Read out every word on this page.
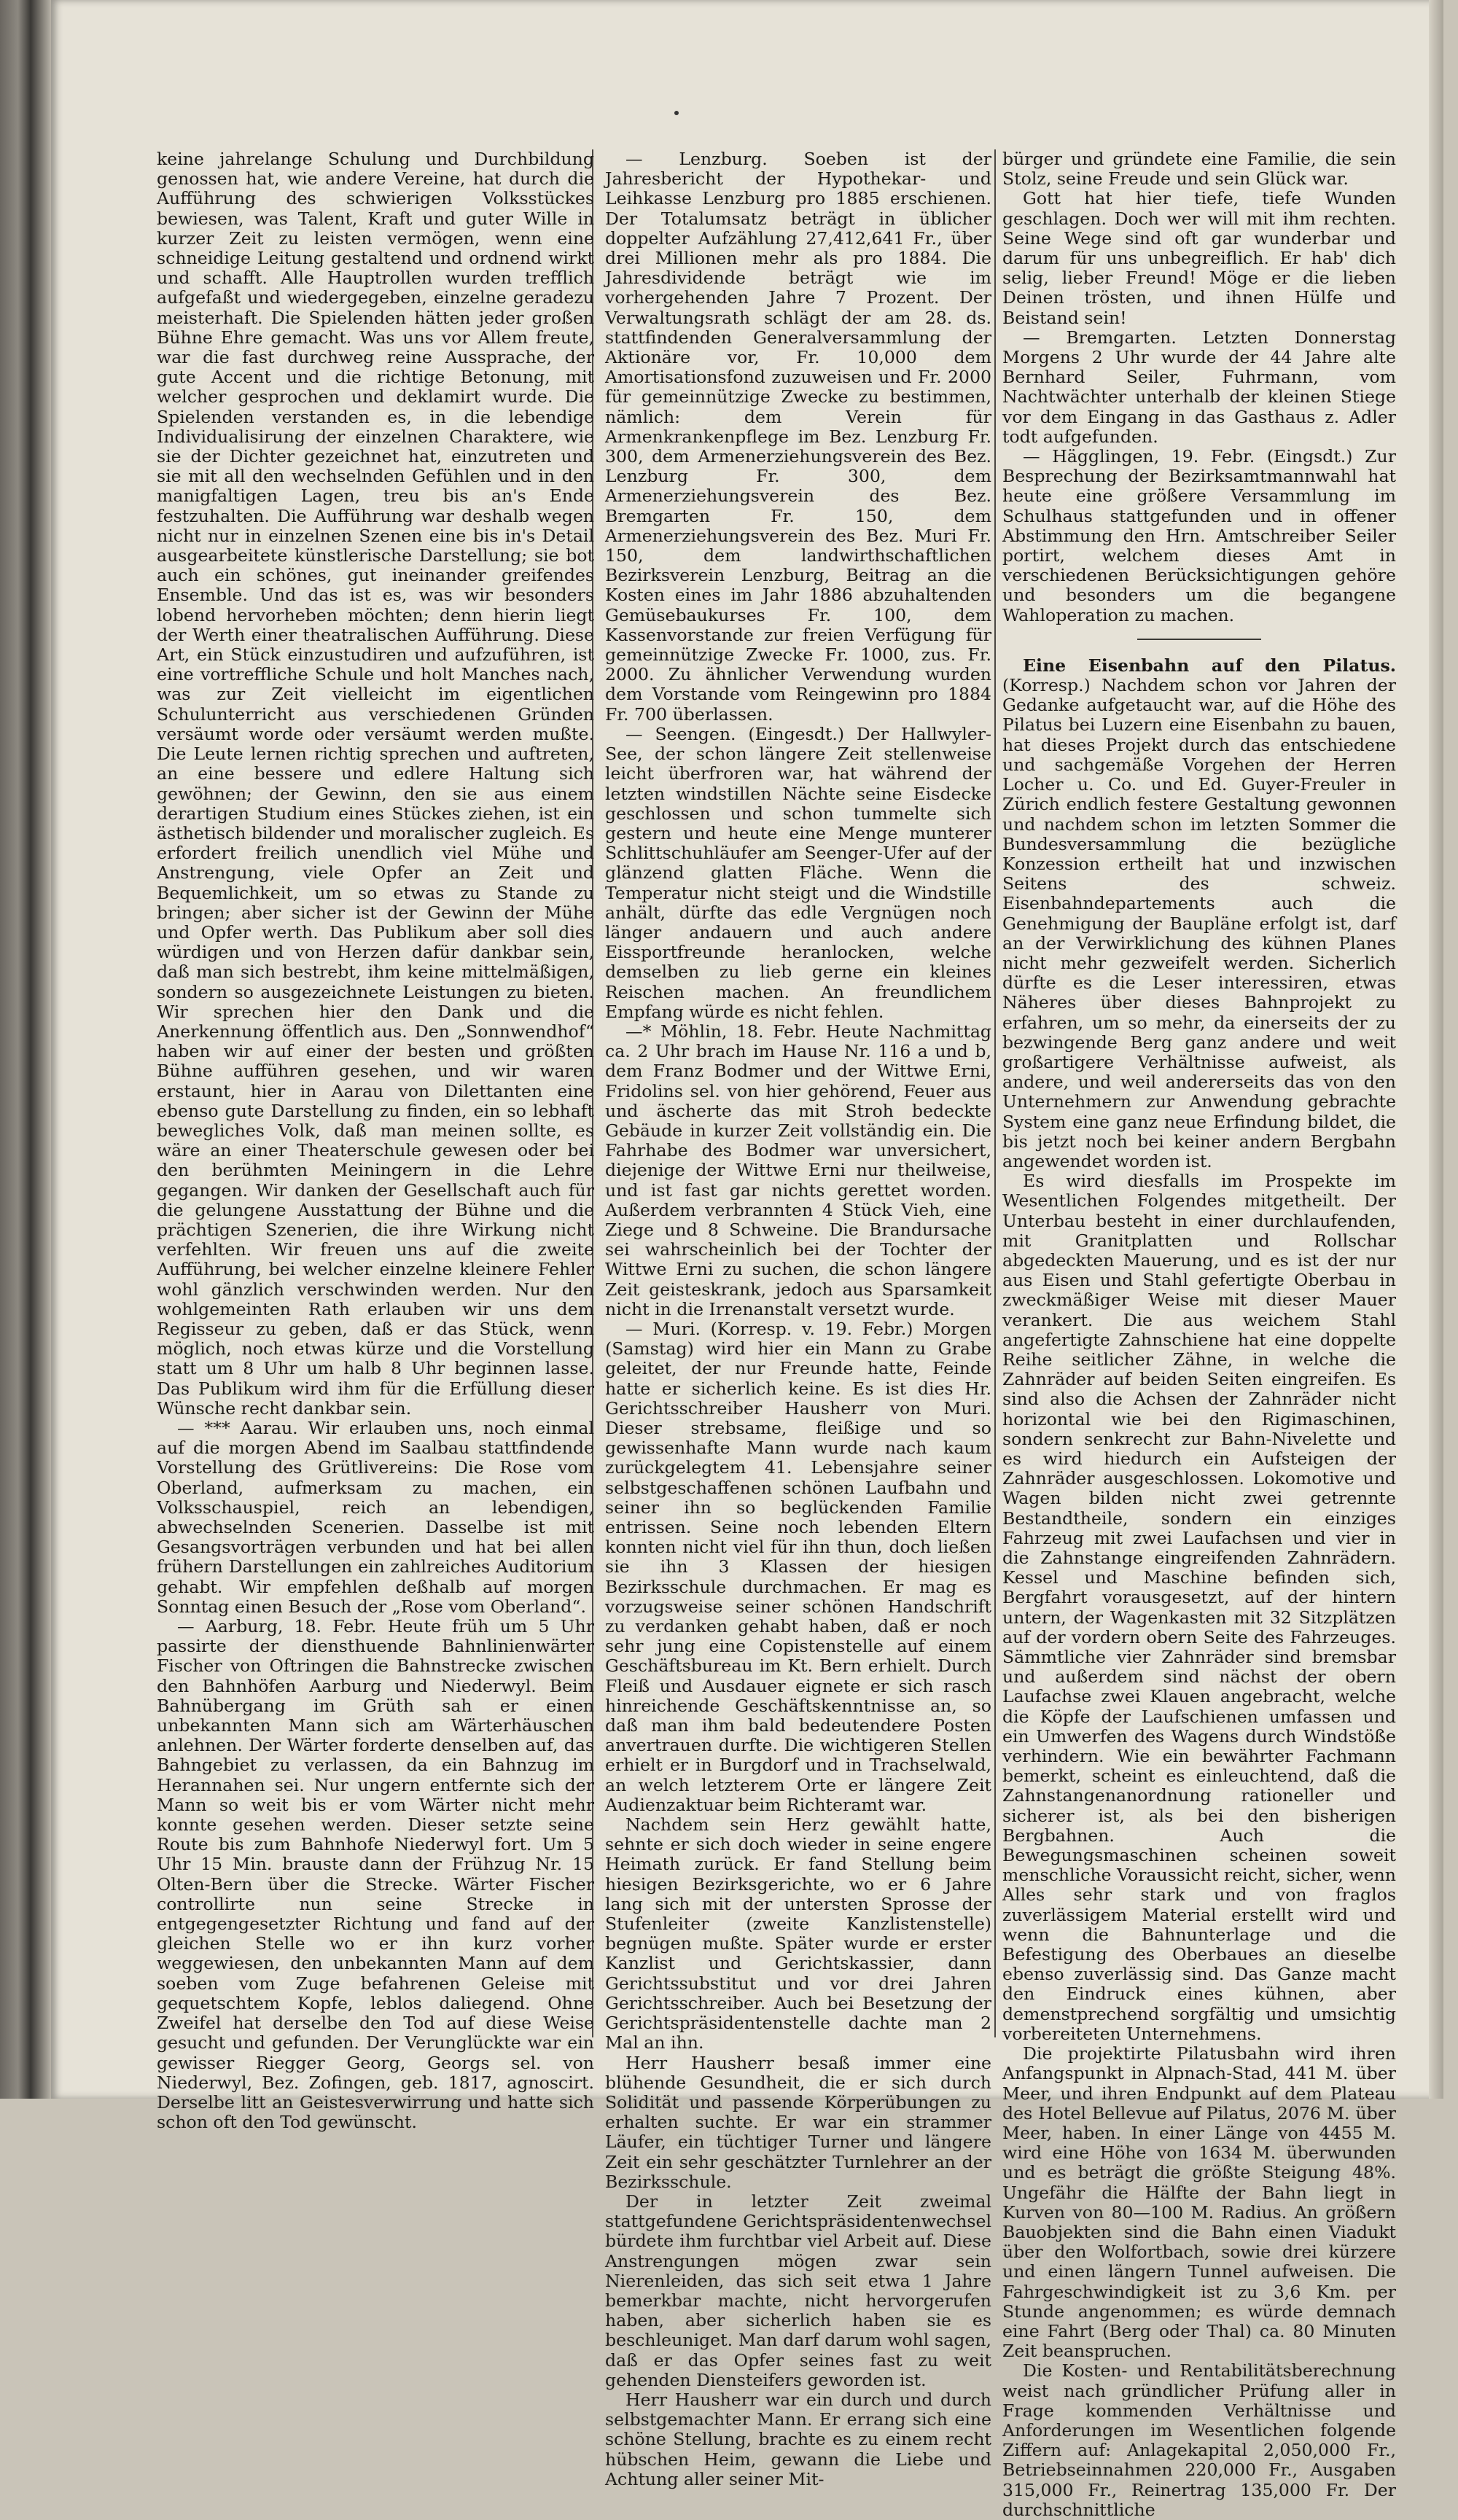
keine jahrelange Schulung und Durchbildung genossen hat, wie andere Vereine, hat durch die Aufführung des schwierigen Volksstückes bewiesen, was Talent, Kraft und guter Wille in kurzer Zeit zu leisten vermögen, wenn eine schneidige Leitung gestaltend und ordnend wirkt und schafft. Alle Hauptrollen wurden trefflich aufgefaßt und wiedergegeben, einzelne geradezu meisterhaft. Die Spielenden hätten jeder großen Bühne Ehre gemacht. Was uns vor Allem freute, war die fast durchweg reine Aussprache, der gute Accent und die richtige Betonung, mit welcher gesprochen und deklamirt wurde. Die Spielenden verstanden es, in die lebendige Individualisirung der einzelnen Charaktere, wie sie der Dichter gezeichnet hat, einzutreten und sie mit all den wechselnden Gefühlen und in den manigfaltigen Lagen, treu bis an's Ende festzuhalten. Die Aufführung war deshalb wegen nicht nur in einzelnen Szenen eine bis in's Detail ausgearbeitete künstlerische Darstellung; sie bot auch ein schönes, gut ineinander greifendes Ensemble. Und das ist es, was wir besonders lobend hervorheben möchten; denn hierin liegt der Werth einer theatralischen Aufführung. Diese Art, ein Stück einzustudiren und aufzuführen, ist eine vortreffliche Schule und holt Manches nach, was zur Zeit vielleicht im eigentlichen Schulunterricht aus verschiedenen Gründen versäumt worde oder versäumt werden mußte. Die Leute lernen richtig sprechen und auftreten, an eine bessere und edlere Haltung sich gewöhnen; der Gewinn, den sie aus einem derartigen Studium eines Stückes ziehen, ist ein ästhetisch bildender und moralischer zugleich. Es erfordert freilich unendlich viel Mühe und Anstrengung, viele Opfer an Zeit und Bequemlichkeit, um so etwas zu Stande zu bringen; aber sicher ist der Gewinn der Mühe und Opfer werth. Das Publikum aber soll dies würdigen und von Herzen dafür dankbar sein, daß man sich bestrebt, ihm keine mittelmäßigen, sondern so ausgezeichnete Leistungen zu bieten. Wir sprechen hier den Dank und die Anerkennung öffentlich aus. Den „Sonnwendhof“ haben wir auf einer der besten und größten Bühne aufführen gesehen, und wir waren erstaunt, hier in Aarau von Dilettanten eine ebenso gute Darstellung zu finden, ein so lebhaft bewegliches Volk, daß man meinen sollte, es wäre an einer Theaterschule gewesen oder bei den berühmten Meiningern in die Lehre gegangen. Wir danken der Gesellschaft auch für die gelungene Ausstattung der Bühne und die prächtigen Szenerien, die ihre Wirkung nicht verfehlten. Wir freuen uns auf die zweite Aufführung, bei welcher einzelne kleinere Fehler wohl gänzlich verschwinden werden. Nur den wohlgemeinten Rath erlauben wir uns dem Regisseur zu geben, daß er das Stück, wenn möglich, noch etwas kürze und die Vorstellung statt um 8 Uhr um halb 8 Uhr beginnen lasse. Das Publikum wird ihm für die Erfüllung dieser Wünsche recht dankbar sein.

— *** Aarau. Wir erlauben uns, noch einmal auf die morgen Abend im Saalbau stattfindende Vorstellung des Grütlivereins: Die Rose vom Oberland, aufmerksam zu machen, ein Volksschauspiel, reich an lebendigen, abwechselnden Scenerien. Dasselbe ist mit Gesangsvorträgen verbunden und hat bei allen frühern Darstellungen ein zahlreiches Auditorium gehabt. Wir empfehlen deßhalb auf morgen Sonntag einen Besuch der „Rose vom Oberland“.

— Aarburg, 18. Febr. Heute früh um 5 Uhr passirte der diensthuende Bahnlinienwärter Fischer von Oftringen die Bahnstrecke zwischen den Bahnhöfen Aarburg und Niederwyl. Beim Bahnübergang im Grüth sah er einen unbekannten Mann sich am Wärterhäuschen anlehnen. Der Wärter forderte denselben auf, das Bahngebiet zu verlassen, da ein Bahnzug im Herannahen sei. Nur ungern entfernte sich der Mann so weit bis er vom Wärter nicht mehr konnte gesehen werden. Dieser setzte seine Route bis zum Bahnhofe Niederwyl fort. Um 5 Uhr 15 Min. brauste dann der Frühzug Nr. 15 Olten-Bern über die Strecke. Wärter Fischer controllirte nun seine Strecke in entgegengesetzter Richtung und fand auf der gleichen Stelle wo er ihn kurz vorher weggewiesen, den unbekannten Mann auf dem soeben vom Zuge befahrenen Geleise mit gequetschtem Kopfe, leblos daliegend. Ohne Zweifel hat derselbe den Tod auf diese Weise gesucht und gefunden. Der Verunglückte war ein gewisser Riegger Georg, Georgs sel. von Niederwyl, Bez. Zofingen, geb. 1817, agnoscirt. Derselbe litt an Geistesverwirrung und hatte sich schon oft den Tod gewünscht.

— Lenzburg. Soeben ist der Jahresbericht der Hypothekar- und Leihkasse Lenzburg pro 1885 erschienen. Der Totalumsatz beträgt in üblicher doppelter Aufzählung 27,412,641 Fr., über drei Millionen mehr als pro 1884. Die Jahresdividende beträgt wie im vorhergehenden Jahre 7 Prozent. Der Verwaltungsrath schlägt der am 28. ds. stattfindenden Generalversammlung der Aktionäre vor, Fr. 10,000 dem Amortisationsfond zuzuweisen und Fr. 2000 für gemeinnützige Zwecke zu bestimmen, nämlich: dem Verein für Armenkrankenpflege im Bez. Lenzburg Fr. 300, dem Armenerziehungsverein des Bez. Lenzburg Fr. 300, dem Armenerziehungsverein des Bez. Bremgarten Fr. 150, dem Armenerziehungsverein des Bez. Muri Fr. 150, dem landwirthschaftlichen Bezirksverein Lenzburg, Beitrag an die Kosten eines im Jahr 1886 abzuhaltenden Gemüsebaukurses Fr. 100, dem Kassenvorstande zur freien Verfügung für gemeinnützige Zwecke Fr. 1000, zus. Fr. 2000. Zu ähnlicher Verwendung wurden dem Vorstande vom Reingewinn pro 1884 Fr. 700 überlassen.

— Seengen. (Eingesdt.) Der Hallwyler-See, der schon längere Zeit stellenweise leicht überfroren war, hat während der letzten windstillen Nächte seine Eisdecke geschlossen und schon tummelte sich gestern und heute eine Menge munterer Schlittschuhläufer am Seenger-Ufer auf der glänzend glatten Fläche. Wenn die Temperatur nicht steigt und die Windstille anhält, dürfte das edle Vergnügen noch länger andauern und auch andere Eissportfreunde heranlocken, welche demselben zu lieb gerne ein kleines Reischen machen. An freundlichem Empfang würde es nicht fehlen.

—* Möhlin, 18. Febr. Heute Nachmittag ca. 2 Uhr brach im Hause Nr. 116 a und b, dem Franz Bodmer und der Wittwe Erni, Fridolins sel. von hier gehörend, Feuer aus und äscherte das mit Stroh bedeckte Gebäude in kurzer Zeit vollständig ein. Die Fahrhabe des Bodmer war unversichert, diejenige der Wittwe Erni nur theilweise, und ist fast gar nichts gerettet worden. Außerdem verbrannten 4 Stück Vieh, eine Ziege und 8 Schweine. Die Brandursache sei wahrscheinlich bei der Tochter der Wittwe Erni zu suchen, die schon längere Zeit geisteskrank, jedoch aus Sparsamkeit nicht in die Irrenanstalt versetzt wurde.

— Muri. (Korresp. v. 19. Febr.) Morgen (Samstag) wird hier ein Mann zu Grabe geleitet, der nur Freunde hatte, Feinde hatte er sicherlich keine. Es ist dies Hr. Gerichtsschreiber Hausherr von Muri. Dieser strebsame, fleißige und so gewissenhafte Mann wurde nach kaum zurückgelegtem 41. Lebensjahre seiner selbstgeschaffenen schönen Laufbahn und seiner ihn so beglückenden Familie entrissen. Seine noch lebenden Eltern konnten nicht viel für ihn thun, doch ließen sie ihn 3 Klassen der hiesigen Bezirksschule durchmachen. Er mag es vorzugsweise seiner schönen Handschrift zu verdanken gehabt haben, daß er noch sehr jung eine Copistenstelle auf einem Geschäftsbureau im Kt. Bern erhielt. Durch Fleiß und Ausdauer eignete er sich rasch hinreichende Geschäftskenntnisse an, so daß man ihm bald bedeutendere Posten anvertrauen durfte. Die wichtigeren Stellen erhielt er in Burgdorf und in Trachselwald, an welch letzterem Orte er längere Zeit Audienzaktuar beim Richteramt war.

Nachdem sein Herz gewählt hatte, sehnte er sich doch wieder in seine engere Heimath zurück. Er fand Stellung beim hiesigen Bezirksgerichte, wo er 6 Jahre lang sich mit der untersten Sprosse der Stufenleiter (zweite Kanzlistenstelle) begnügen mußte. Später wurde er erster Kanzlist und Gerichtskassier, dann Gerichtssubstitut und vor drei Jahren Gerichtsschreiber. Auch bei Besetzung der Gerichtspräsidentenstelle dachte man 2 Mal an ihn.

Herr Hausherr besaß immer eine blühende Gesundheit, die er sich durch Solidität und passende Körperübungen zu erhalten suchte. Er war ein strammer Läufer, ein tüchtiger Turner und längere Zeit ein sehr geschätzter Turnlehrer an der Bezirksschule.

Der in letzter Zeit zweimal stattgefundene Gerichtspräsidentenwechsel bürdete ihm furchtbar viel Arbeit auf. Diese Anstrengungen mögen zwar sein Nierenleiden, das sich seit etwa 1 Jahre bemerkbar machte, nicht hervorgerufen haben, aber sicherlich haben sie es beschleuniget. Man darf darum wohl sagen, daß er das Opfer seines fast zu weit gehenden Diensteifers geworden ist.

Herr Hausherr war ein durch und durch selbstgemachter Mann. Er errang sich eine schöne Stellung, brachte es zu einem recht hübschen Heim, gewann die Liebe und Achtung aller seiner Mit-

bürger und gründete eine Familie, die sein Stolz, seine Freude und sein Glück war.

Gott hat hier tiefe, tiefe Wunden geschlagen. Doch wer will mit ihm rechten. Seine Wege sind oft gar wunderbar und darum für uns unbegreiflich. Er hab' dich selig, lieber Freund! Möge er die lieben Deinen trösten, und ihnen Hülfe und Beistand sein!

— Bremgarten. Letzten Donnerstag Morgens 2 Uhr wurde der 44 Jahre alte Bernhard Seiler, Fuhrmann, vom Nachtwächter unterhalb der kleinen Stiege vor dem Eingang in das Gasthaus z. Adler todt aufgefunden.

— Hägglingen, 19. Febr. (Eingsdt.) Zur Besprechung der Bezirksamtmannwahl hat heute eine größere Versammlung im Schulhaus stattgefunden und in offener Abstimmung den Hrn. Amtschreiber Seiler portirt, welchem dieses Amt in verschiedenen Berücksichtigungen gehöre und besonders um die begangene Wahloperation zu machen.

Eine Eisenbahn auf den Pilatus. (Korresp.) Nachdem schon vor Jahren der Gedanke aufgetaucht war, auf die Höhe des Pilatus bei Luzern eine Eisenbahn zu bauen, hat dieses Projekt durch das entschiedene und sachgemäße Vorgehen der Herren Locher u. Co. und Ed. Guyer-Freuler in Zürich endlich festere Gestaltung gewonnen und nachdem schon im letzten Sommer die Bundesversammlung die bezügliche Konzession ertheilt hat und inzwischen Seitens des schweiz. Eisenbahndepartements auch die Genehmigung der Baupläne erfolgt ist, darf an der Verwirklichung des kühnen Planes nicht mehr gezweifelt werden. Sicherlich dürfte es die Leser interessiren, etwas Näheres über dieses Bahnprojekt zu erfahren, um so mehr, da einerseits der zu bezwingende Berg ganz andere und weit großartigere Verhältnisse aufweist, als andere, und weil andererseits das von den Unternehmern zur Anwendung gebrachte System eine ganz neue Erfindung bildet, die bis jetzt noch bei keiner andern Bergbahn angewendet worden ist.

Es wird diesfalls im Prospekte im Wesentlichen Folgendes mitgetheilt. Der Unterbau besteht in einer durchlaufenden, mit Granitplatten und Rollschar abgedeckten Mauerung, und es ist der nur aus Eisen und Stahl gefertigte Oberbau in zweckmäßiger Weise mit dieser Mauer verankert. Die aus weichem Stahl angefertigte Zahnschiene hat eine doppelte Reihe seitlicher Zähne, in welche die Zahnräder auf beiden Seiten eingreifen. Es sind also die Achsen der Zahnräder nicht horizontal wie bei den Rigimaschinen, sondern senkrecht zur Bahn-Nivelette und es wird hiedurch ein Aufsteigen der Zahnräder ausgeschlossen. Lokomotive und Wagen bilden nicht zwei getrennte Bestandtheile, sondern ein einziges Fahrzeug mit zwei Laufachsen und vier in die Zahnstange eingreifenden Zahnrädern. Kessel und Maschine befinden sich, Bergfahrt vorausgesetzt, auf der hintern untern, der Wagenkasten mit 32 Sitzplätzen auf der vordern obern Seite des Fahrzeuges. Sämmtliche vier Zahnräder sind bremsbar und außerdem sind nächst der obern Laufachse zwei Klauen angebracht, welche die Köpfe der Laufschienen umfassen und ein Umwerfen des Wagens durch Windstöße verhindern. Wie ein bewährter Fachmann bemerkt, scheint es einleuchtend, daß die Zahnstangenanordnung rationeller und sicherer ist, als bei den bisherigen Bergbahnen. Auch die Bewegungsmaschinen scheinen soweit menschliche Voraussicht reicht, sicher, wenn Alles sehr stark und von fraglos zuverlässigem Material erstellt wird und wenn die Bahnunterlage und die Befestigung des Oberbaues an dieselbe ebenso zuverlässig sind. Das Ganze macht den Eindruck eines kühnen, aber demenstprechend sorgfältig und umsichtig vorbereiteten Unternehmens.

Die projektirte Pilatusbahn wird ihren Anfangspunkt in Alpnach-Stad, 441 M. über Meer, und ihren Endpunkt auf dem Plateau des Hotel Bellevue auf Pilatus, 2076 M. über Meer, haben. In einer Länge von 4455 M. wird eine Höhe von 1634 M. überwunden und es beträgt die größte Steigung 48%. Ungefähr die Hälfte der Bahn liegt in Kurven von 80—100 M. Radius. An größern Bauobjekten sind die Bahn einen Viadukt über den Wolfortbach, sowie drei kürzere und einen längern Tunnel aufweisen. Die Fahrgeschwindigkeit ist zu 3,6 Km. per Stunde angenommen; es würde demnach eine Fahrt (Berg oder Thal) ca. 80 Minuten Zeit beanspruchen.

Die Kosten- und Rentabilitätsberechnung weist nach gründlicher Prüfung aller in Frage kommenden Verhältnisse und Anforderungen im Wesentlichen folgende Ziffern auf: Anlagekapital 2,050,000 Fr., Betriebseinnahmen 220,000 Fr., Ausgaben 315,000 Fr., Reinertrag 135,000 Fr. Der durchschnittliche
